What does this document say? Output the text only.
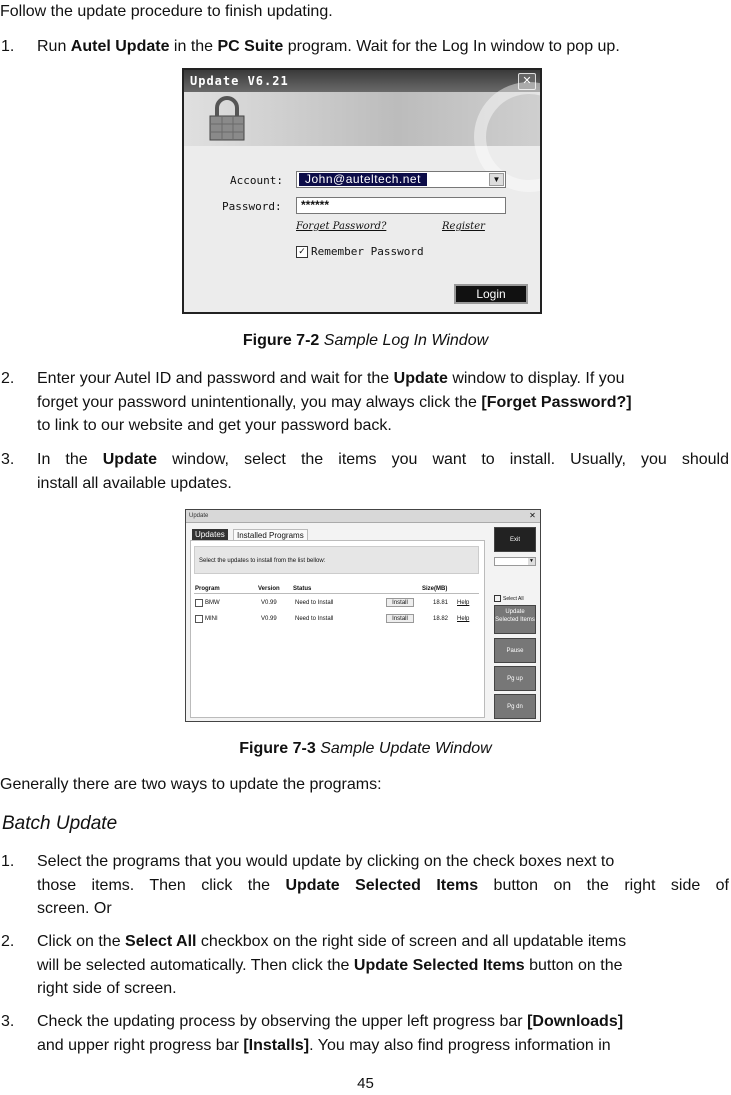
Follow the update procedure to finish updating.
1. Run Autel Update in the PC Suite program. Wait for the Log In window to pop up.
Update V6.21	✕
Account:	John@auteltech.net	▼
Password: ******
Forget Password?	Register
✓ Remember Password
Login
Figure 7-2 Sample Log In Window
2. Enter your Autel ID and password and wait for the Update window to display. If you
forget your password unintentionally, you may always click the [Forget Password?]
to link to our website and get your password back.
3. In the Update window, select the items you want to install. Usually, you should
install all available updates.
Update	✕
Updates	Installed Programs
Select the updates to install from the list bellow:
Program	Version Status	Size(MB)
BMW	V0.99	Need to Install	Install	18.81 Help
MINI	V0.99	Need to Install	Install	18.82 Help
Exit
▼
Select All
Update Selected Items
Pause
Pg up
Pg dn
Figure 7-3 Sample Update Window
Generally there are two ways to update the programs:
Batch Update
1. Select the programs that you would update by clicking on the check boxes next to
those items. Then click the Update Selected Items button on the right side of
screen. Or
2. Click on the Select All checkbox on the right side of screen and all updatable items
will be selected automatically. Then click the Update Selected Items button on the
right side of screen.
3. Check the updating process by observing the upper left progress bar [Downloads]
and upper right progress bar [Installs]. You may also find progress information in
45
